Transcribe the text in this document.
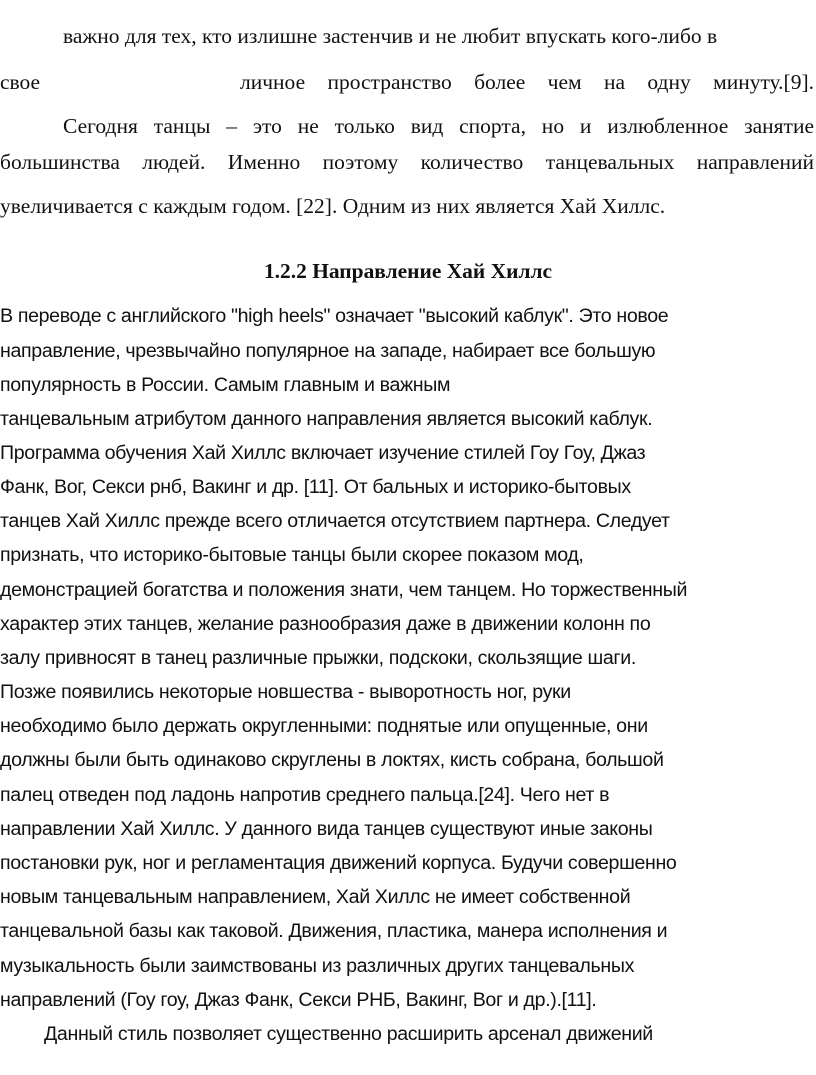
важно для тех, кто излишне застенчив и не любит впускать кого-либо в
свое	личное пространство более чем на одну минуту.[9].
Сегодня танцы – это не только вид спорта, но и излюбленное занятие
большинства людей. Именно поэтому количество танцевальных направлений
увеличивается с каждым годом. [22]. Одним из них является Хай Хиллс.
1.2.2 Направление Хай Хиллс
В переводе с английского "high heels" означает "высокий каблук". Это новое
направление, чрезвычайно популярное на западе, набирает все большую
популярность в России. Самым главным и важным
танцевальным атрибутом данного направления является высокий каблук.
Программа обучения Хай Хиллс включает изучение стилей Гоу Гоу, Джаз
Фанк, Вог, Секси рнб, Вакинг и др. [11]. От бальных и историко-бытовых
танцев Хай Хиллс прежде всего отличается отсутствием партнера. Следует
признать, что историко-бытовые танцы были скорее показом мод,
демонстрацией богатства и положения знати, чем танцем. Но торжественный
характер этих танцев, желание разнообразия даже в движении колонн по
залу привносят в танец различные прыжки, подскоки, скользящие шаги.
Позже появились некоторые новшества - выворотность ног, руки
необходимо было держать округленными: поднятые или опущенные, они
должны были быть одинаково скруглены в локтях, кисть собрана, большой
палец отведен под ладонь напротив среднего пальца.[24]. Чего нет в
направлении Хай Хиллс. У данного вида танцев существуют иные законы
постановки рук, ног и регламентация движений корпуса. Будучи совершенно
новым танцевальным направлением, Хай Хиллс не имеет собственной
танцевальной базы как таковой. Движения, пластика, манера исполнения и
музыкальность были заимствованы из различных других танцевальных
направлений (Гоу гоу, Джаз Фанк, Секси РНБ, Вакинг, Вог и др.).[11].
Данный стиль позволяет существенно расширить арсенал движений
